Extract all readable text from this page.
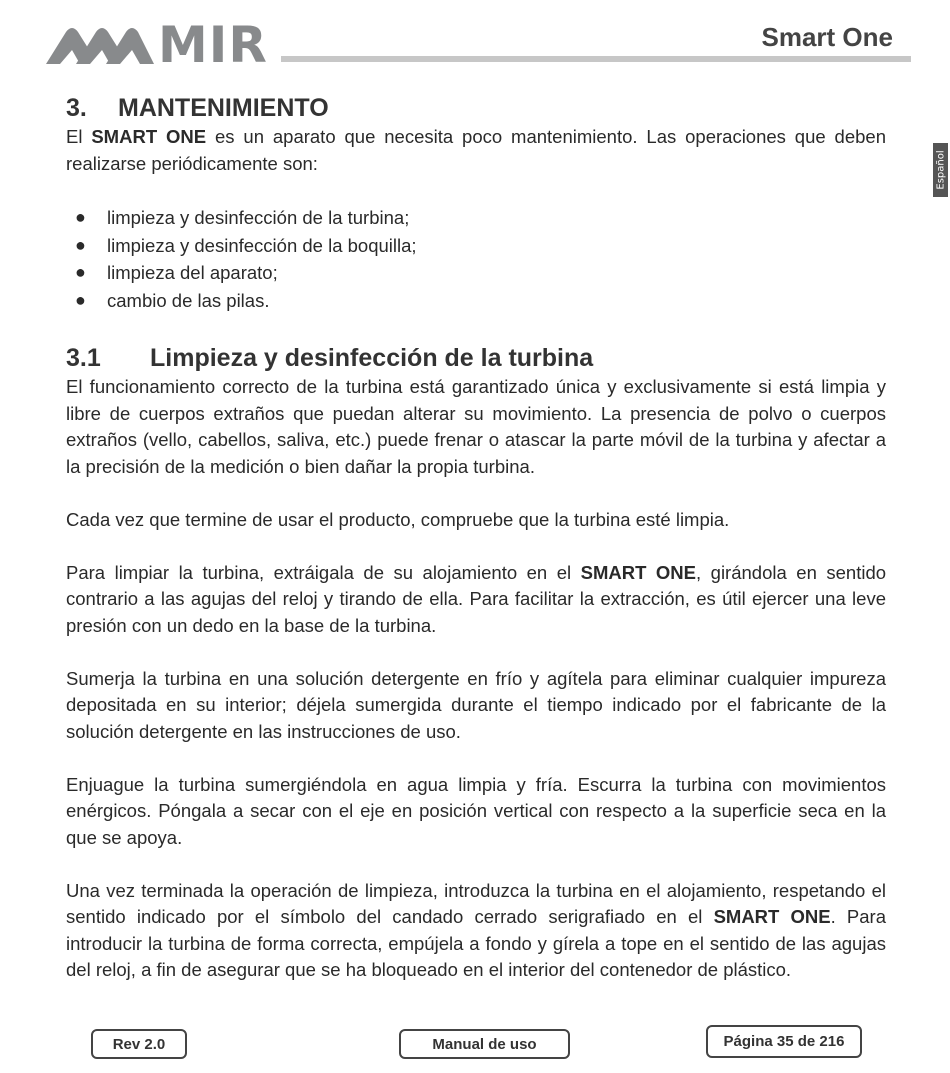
MIR	Smart One
Español
3. MANTENIMIENTO

El SMART ONE es un aparato que necesita poco mantenimiento. Las operaciones que deben realizarse periódicamente son:

● limpieza y desinfección de la turbina;
● limpieza y desinfección de la boquilla;
● limpieza del aparato;
● cambio de las pilas.
3.1 Limpieza y desinfección de la turbina

El funcionamiento correcto de la turbina está garantizado única y exclusivamente si está limpia y libre de cuerpos extraños que puedan alterar su movimiento. La presencia de polvo o cuerpos extraños (vello, cabellos, saliva, etc.) puede frenar o atascar la parte móvil de la turbina y afectar a la precisión de la medición o bien dañar la propia turbina.

Cada vez que termine de usar el producto, compruebe que la turbina esté limpia.

Para limpiar la turbina, extráigala de su alojamiento en el SMART ONE, girándola en sentido contrario a las agujas del reloj y tirando de ella. Para facilitar la extracción, es útil ejercer una leve presión con un dedo en la base de la turbina.

Sumerja la turbina en una solución detergente en frío y agítela para eliminar cualquier impureza depositada en su interior; déjela sumergida durante el tiempo indicado por el fabricante de la solución detergente en las instrucciones de uso.

Enjuague la turbina sumergiéndola en agua limpia y fría. Escurra la turbina con movimientos enérgicos. Póngala a secar con el eje en posición vertical con respecto a la superficie seca en la que se apoya.

Una vez terminada la operación de limpieza, introduzca la turbina en el alojamiento, respetando el sentido indicado por el símbolo del candado cerrado serigrafiado en el SMART ONE. Para introducir la turbina de forma correcta, empújela a fondo y gírela a tope en el sentido de las agujas del reloj, a fin de asegurar que se ha bloqueado en el interior del contenedor de plástico.

Rev 2.0	Manual de uso	Página 35 de 216
